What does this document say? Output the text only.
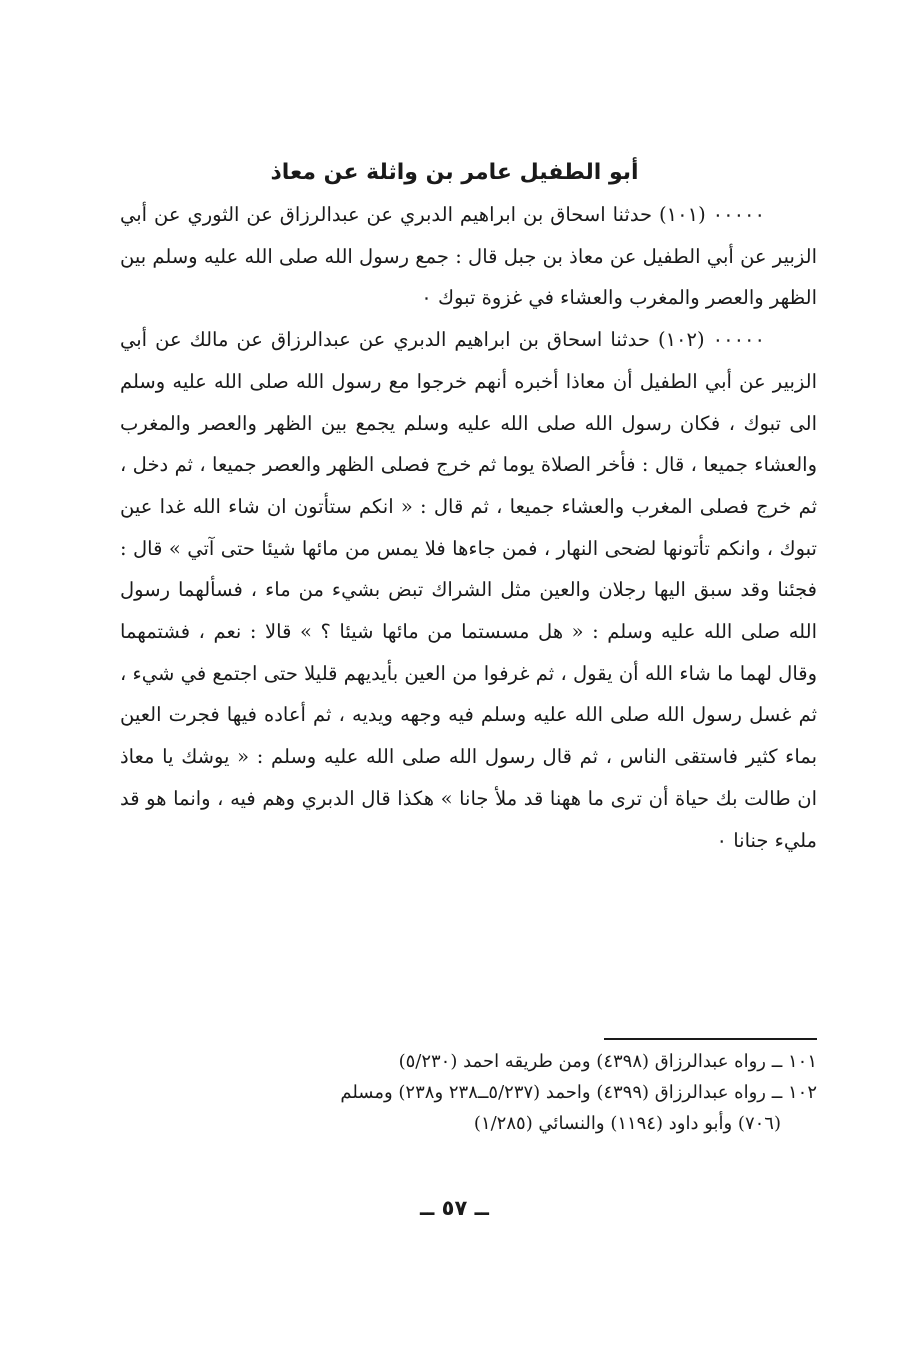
أبو الطفيل عامر بن واثلة عن معاذ

٠٠٠٠٠ (١٠١) حدثنا اسحاق بن ابراهيم الدبري عن عبدالرزاق عن الثوري عن أبي الزبير عن أبي الطفيل عن معاذ بن جبل قال : جمع رسول الله صلى الله عليه وسلم بين الظهر والعصر والمغرب والعشاء في غزوة تبوك ٠

٠٠٠٠٠ (١٠٢) حدثنا اسحاق بن ابراهيم الدبري عن عبدالرزاق عن مالك عن أبي الزبير عن أبي الطفيل أن معاذا أخبره أنهم خرجوا مع رسول الله صلى الله عليه وسلم الى تبوك ، فكان رسول الله صلى الله عليه وسلم يجمع بين الظهر والعصر والمغرب والعشاء جميعا ، قال : فأخر الصلاة يوما ثم خرج فصلى الظهر والعصر جميعا ، ثم دخل ، ثم خرج فصلى المغرب والعشاء جميعا ، ثم قال : « انكم ستأتون ان شاء الله غدا عين تبوك ، وانكم تأتونها لضحى النهار ، فمن جاءها فلا يمس من مائها شيئا حتى آتي » قال : فجئنا وقد سبق اليها رجلان والعين مثل الشراك تبض بشيء من ماء ، فسألهما رسول الله صلى الله عليه وسلم : « هل مسستما من مائها شيئا ؟ » قالا : نعم ، فشتمهما وقال لهما ما شاء الله أن يقول ، ثم غرفوا من العين بأيديهم قليلا حتى اجتمع في شيء ، ثم غسل رسول الله صلى الله عليه وسلم فيه وجهه ويديه ، ثم أعاده فيها فجرت العين بماء كثير فاستقى الناس ، ثم قال رسول الله صلى الله عليه وسلم : « يوشك يا معاذ ان طالت بك حياة أن ترى ما ههنا قد ملأ جانا » هكذا قال الدبري وهم فيه ، وانما هو قد مليء جنانا ٠

١٠١ ــ رواه عبدالرزاق (٤٣٩٨) ومن طريقه احمد (٥/٢٣٠)

١٠٢ ــ رواه عبدالرزاق (٤٣٩٩) واحمد (٥/٢٣٧ــ٢٣٨ و٢٣٨) ومسلم

(٧٠٦) وأبو داود (١١٩٤) والنسائي (١/٢٨٥)

ــ ٥٧ ــ
